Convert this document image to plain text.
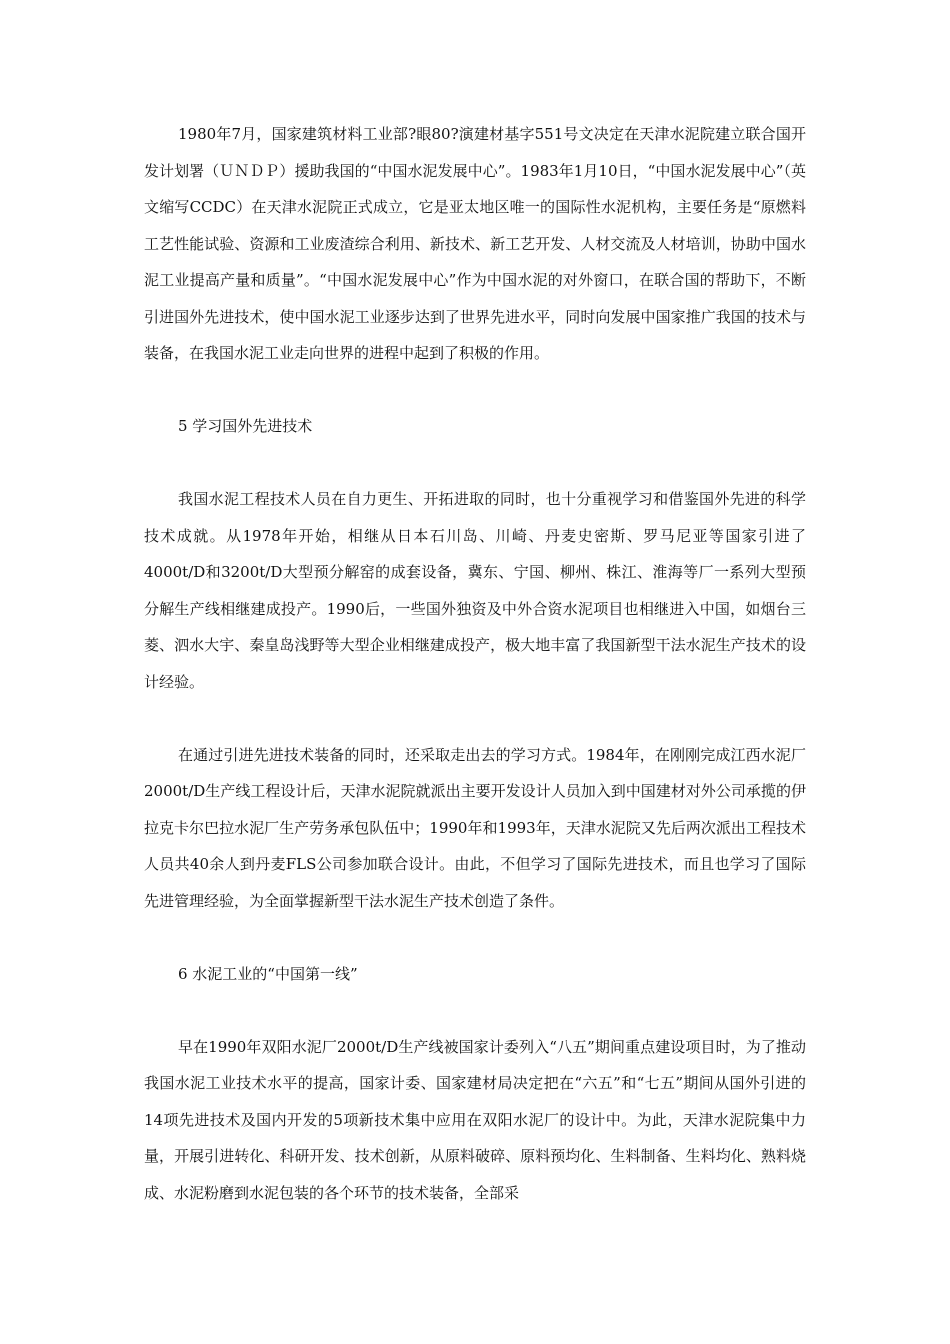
1980年7月，国家建筑材料工业部?眼80?演建材基字551号文决定在天津水泥院建立联合国开发计划署（ＵＮＤＰ）援助我国的“中国水泥发展中心”。1983年1月10日，“中国水泥发展中心”（英文缩写CCDC）在天津水泥院正式成立，它是亚太地区唯一的国际性水泥机构，主要任务是“原燃料工艺性能试验、资源和工业废渣综合利用、新技术、新工艺开发、人材交流及人材培训，协助中国水泥工业提高产量和质量”。“中国水泥发展中心”作为中国水泥的对外窗口，在联合国的帮助下，不断引进国外先进技术，使中国水泥工业逐步达到了世界先进水平，同时向发展中国家推广我国的技术与装备，在我国水泥工业走向世界的进程中起到了积极的作用。

5 学习国外先进技术

我国水泥工程技术人员在自力更生、开拓进取的同时，也十分重视学习和借鉴国外先进的科学技术成就。从1978年开始，相继从日本石川岛、川崎、丹麦史密斯、罗马尼亚等国家引进了4000t/D和3200t/D大型预分解窑的成套设备，冀东、宁国、柳州、株江、淮海等厂一系列大型预分解生产线相继建成投产。1990后，一些国外独资及中外合资水泥项目也相继进入中国，如烟台三菱、泗水大宇、秦皇岛浅野等大型企业相继建成投产，极大地丰富了我国新型干法水泥生产技术的设计经验。

在通过引进先进技术装备的同时，还采取走出去的学习方式。1984年，在刚刚完成江西水泥厂2000t/D生产线工程设计后，天津水泥院就派出主要开发设计人员加入到中国建材对外公司承揽的伊拉克卡尔巴拉水泥厂生产劳务承包队伍中；1990年和1993年，天津水泥院又先后两次派出工程技术人员共40余人到丹麦FLS公司参加联合设计。由此，不但学习了国际先进技术，而且也学习了国际先进管理经验，为全面掌握新型干法水泥生产技术创造了条件。

6 水泥工业的“中国第一线”

早在1990年双阳水泥厂2000t/D生产线被国家计委列入“八五”期间重点建设项目时，为了推动我国水泥工业技术水平的提高，国家计委、国家建材局决定把在“六五”和“七五”期间从国外引进的14项先进技术及国内开发的5项新技术集中应用在双阳水泥厂的设计中。为此，天津水泥院集中力量，开展引进转化、科研开发、技术创新，从原料破碎、原料预均化、生料制备、生料均化、熟料烧成、水泥粉磨到水泥包装的各个环节的技术装备，全部采
